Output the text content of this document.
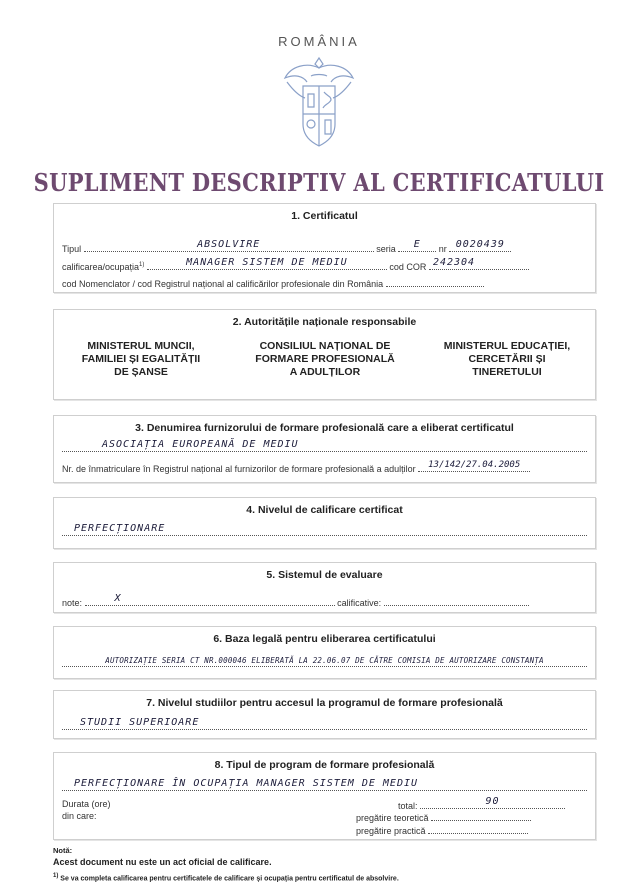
ROMÂNIA
SUPLIMENT DESCRIPTIV AL CERTIFICATULUI
1. Certificatul
Tipul	ABSOLVIRE	seria	E	nr 0020439
calificarea/ocupația$^{1)}$	MANAGER SISTEM DE MEDIU	cod COR 242304
cod Nomenclator / cod Registrul național al calificărilor profesionale din România
2. Autoritățile naționale responsabile
MINISTERUL MUNCII,
FAMILIEI ȘI EGALITĂȚII
DE ȘANSE
CONSILIUL NAȚIONAL DE
FORMARE PROFESIONALĂ
A ADULȚILOR
MINISTERUL EDUCAȚIEI,
CERCETĂRII ȘI
TINERETULUI
3. Denumirea furnizorului de formare profesională care a eliberat certificatul
ASOCIAȚIA EUROPEANĂ DE MEDIU
Nr. de înmatriculare în Registrul național al furnizorilor de formare profesională a adulților	13/142/27.04.2005
4. Nivelul de calificare certificat
PERFECȚIONARE
5. Sistemul de evaluare
note:	X	calificative:
6. Baza legală pentru eliberarea certificatului
AUTORIZAȚIE SERIA CT NR.000046 ELIBERATĂ LA 22.06.07 DE CĂTRE COMISIA DE AUTORIZARE CONSTANȚA
7. Nivelul studiilor pentru accesul la programul de formare profesională
STUDII SUPERIOARE
8. Tipul de program de formare profesională
PERFECȚIONARE ÎN OCUPAȚIA MANAGER SISTEM DE MEDIU
Durata (ore)	total:	90
din care:	pregătire teoretică
pregătire practică
Notă:
Acest document nu este un act oficial de calificare.
$^{1)}$ Se va completa calificarea pentru certificatele de calificare și ocupația pentru certificatul de absolvire.
